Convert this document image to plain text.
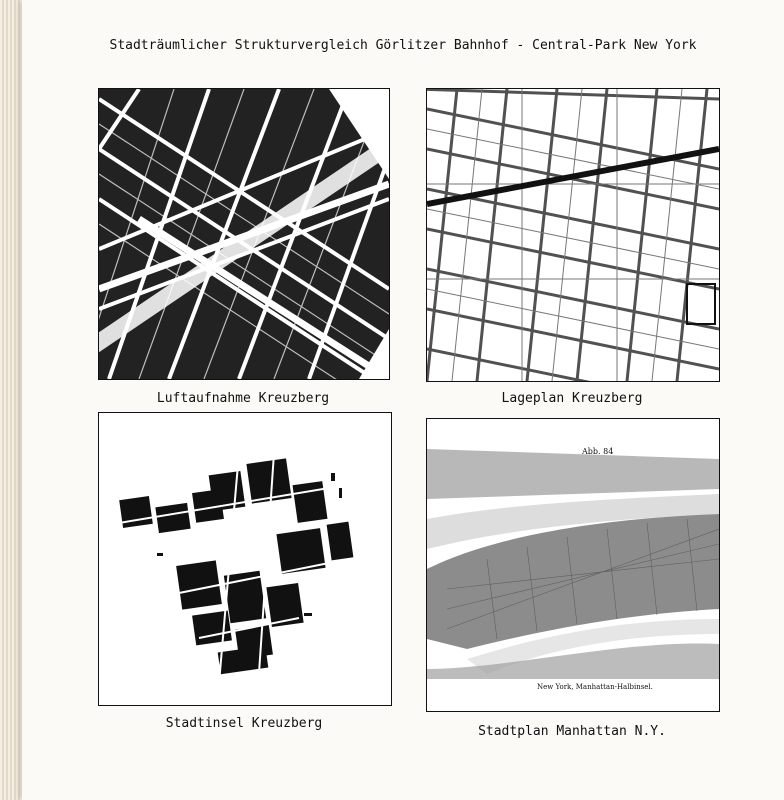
Stadträumlicher Strukturvergleich Görlitzer Bahnhof - Central-Park New York
Luftaufnahme Kreuzberg	Lageplan Kreuzberg
Stadtinsel Kreuzberg
Abb. 84
New York, Manhattan-Halbinsel.
Stadtplan Manhattan N.Y.
